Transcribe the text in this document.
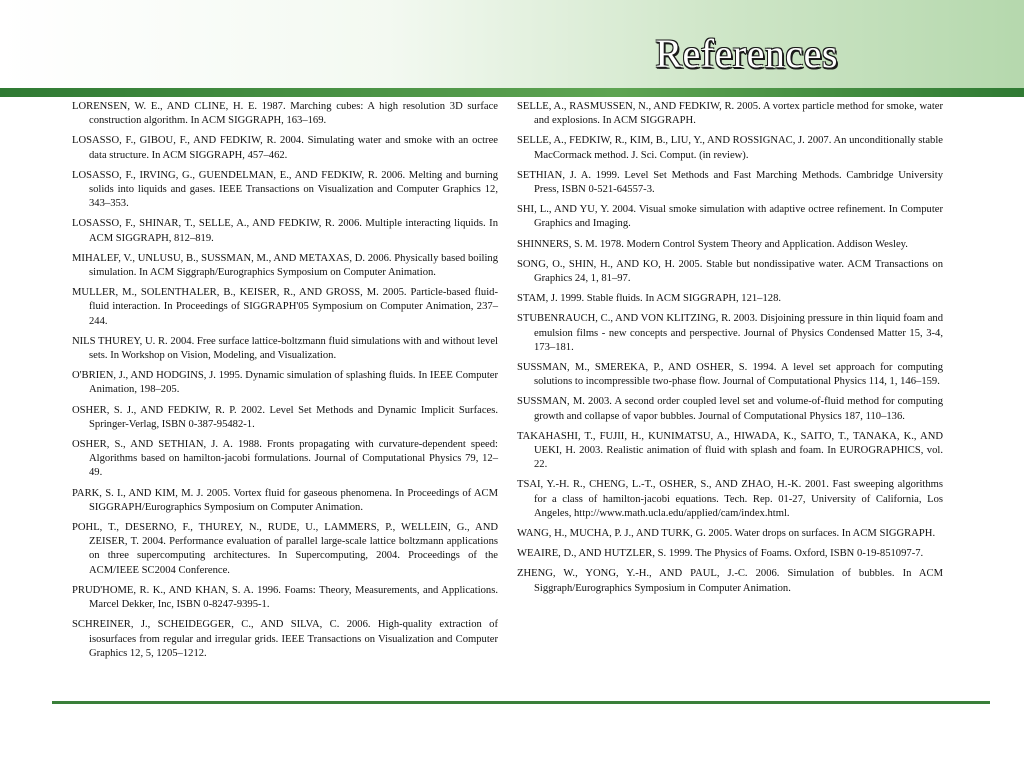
References

LORENSEN, W. E., AND CLINE, H. E. 1987. Marching cubes: A high resolution 3D surface construction algorithm. In ACM SIGGRAPH, 163–169.

LOSASSO, F., GIBOU, F., AND FEDKIW, R. 2004. Simulating water and smoke with an octree data structure. In ACM SIGGRAPH, 457–462.

LOSASSO, F., IRVING, G., GUENDELMAN, E., AND FEDKIW, R. 2006. Melting and burning solids into liquids and gases. IEEE Transactions on Visualization and Computer Graphics 12, 343–353.

LOSASSO, F., SHINAR, T., SELLE, A., AND FEDKIW, R. 2006. Multiple interacting liquids. In ACM SIGGRAPH, 812–819.

MIHALEF, V., UNLUSU, B., SUSSMAN, M., AND METAXAS, D. 2006. Physically based boiling simulation. In ACM Siggraph/Eurographics Symposium on Computer Animation.

MULLER, M., SOLENTHALER, B., KEISER, R., AND GROSS, M. 2005. Particle-based fluid-fluid interaction. In Proceedings of SIGGRAPH'05 Symposium on Computer Animation, 237–244.

NILS THUREY, U. R. 2004. Free surface lattice-boltzmann fluid simulations with and without level sets. In Workshop on Vision, Modeling, and Visualization.

O'BRIEN, J., AND HODGINS, J. 1995. Dynamic simulation of splashing fluids. In IEEE Computer Animation, 198–205.

OSHER, S. J., AND FEDKIW, R. P. 2002. Level Set Methods and Dynamic Implicit Surfaces. Springer-Verlag, ISBN 0-387-95482-1.

OSHER, S., AND SETHIAN, J. A. 1988. Fronts propagating with curvature-dependent speed: Algorithms based on hamilton-jacobi formulations. Journal of Computational Physics 79, 12–49.

PARK, S. I., AND KIM, M. J. 2005. Vortex fluid for gaseous phenomena. In Proceedings of ACM SIGGRAPH/Eurographics Symposium on Computer Animation.

POHL, T., DESERNO, F., THUREY, N., RUDE, U., LAMMERS, P., WELLEIN, G., AND ZEISER, T. 2004. Performance evaluation of parallel large-scale lattice boltzmann applications on three supercomputing architectures. In Supercomputing, 2004. Proceedings of the ACM/IEEE SC2004 Conference.

PRUD'HOME, R. K., AND KHAN, S. A. 1996. Foams: Theory, Measurements, and Applications. Marcel Dekker, Inc, ISBN 0-8247-9395-1.

SCHREINER, J., SCHEIDEGGER, C., AND SILVA, C. 2006. High-quality extraction of isosurfaces from regular and irregular grids. IEEE Transactions on Visualization and Computer Graphics 12, 5, 1205–1212.

SELLE, A., RASMUSSEN, N., AND FEDKIW, R. 2005. A vortex particle method for smoke, water and explosions. In ACM SIGGRAPH.

SELLE, A., FEDKIW, R., KIM, B., LIU, Y., AND ROSSIGNAC, J. 2007. An unconditionally stable MacCormack method. J. Sci. Comput. (in review).

SETHIAN, J. A. 1999. Level Set Methods and Fast Marching Methods. Cambridge University Press, ISBN 0-521-64557-3.

SHI, L., AND YU, Y. 2004. Visual smoke simulation with adaptive octree refinement. In Computer Graphics and Imaging.

SHINNERS, S. M. 1978. Modern Control System Theory and Application. Addison Wesley.

SONG, O., SHIN, H., AND KO, H. 2005. Stable but nondissipative water. ACM Transactions on Graphics 24, 1, 81–97.

STAM, J. 1999. Stable fluids. In ACM SIGGRAPH, 121–128.

STUBENRAUCH, C., AND VON KLITZING, R. 2003. Disjoining pressure in thin liquid foam and emulsion films - new concepts and perspective. Journal of Physics Condensed Matter 15, 3-4, 173–181.

SUSSMAN, M., SMEREKA, P., AND OSHER, S. 1994. A level set approach for computing solutions to incompressible two-phase flow. Journal of Computational Physics 114, 1, 146–159.

SUSSMAN, M. 2003. A second order coupled level set and volume-of-fluid method for computing growth and collapse of vapor bubbles. Journal of Computational Physics 187, 110–136.

TAKAHASHI, T., FUJII, H., KUNIMATSU, A., HIWADA, K., SAITO, T., TANAKA, K., AND UEKI, H. 2003. Realistic animation of fluid with splash and foam. In EUROGRAPHICS, vol. 22.

TSAI, Y.-H. R., CHENG, L.-T., OSHER, S., AND ZHAO, H.-K. 2001. Fast sweeping algorithms for a class of hamilton-jacobi equations. Tech. Rep. 01-27, University of California, Los Angeles, http://www.math.ucla.edu/applied/cam/index.html.

WANG, H., MUCHA, P. J., AND TURK, G. 2005. Water drops on surfaces. In ACM SIGGRAPH.

WEAIRE, D., AND HUTZLER, S. 1999. The Physics of Foams. Oxford, ISBN 0-19-851097-7.

ZHENG, W., YONG, Y.-H., AND PAUL, J.-C. 2006. Simulation of bubbles. In ACM Siggraph/Eurographics Symposium in Computer Animation.
